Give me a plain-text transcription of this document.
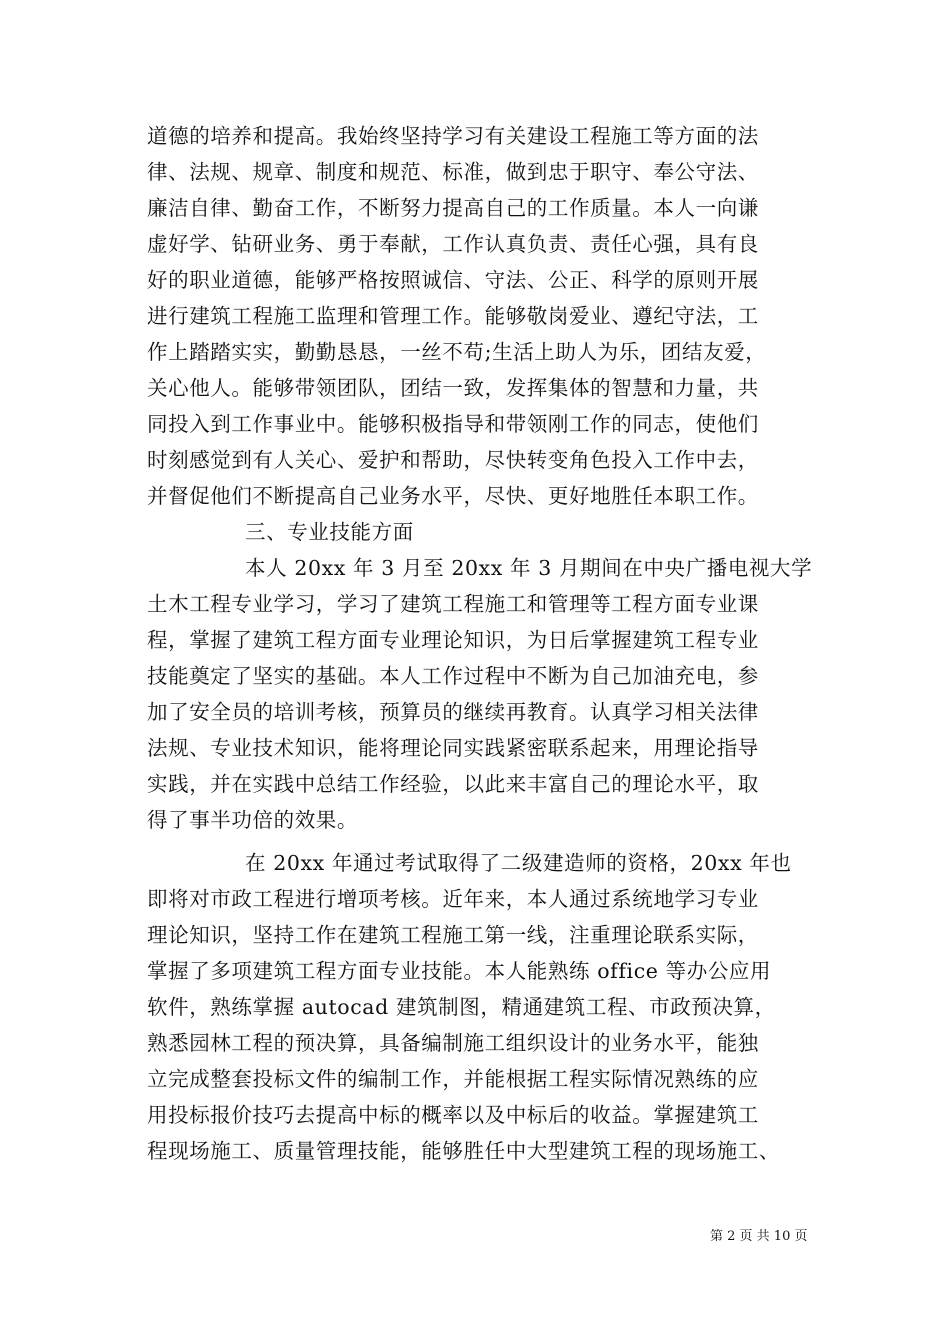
道德的培养和提高。我始终坚持学习有关建设工程施工等方面的法
律、法规、规章、制度和规范、标准，做到忠于职守、奉公守法、
廉洁自律、勤奋工作，不断努力提高自己的工作质量。本人一向谦
虚好学、钻研业务、勇于奉献，工作认真负责、责任心强，具有良
好的职业道德，能够严格按照诚信、守法、公正、科学的原则开展
进行建筑工程施工监理和管理工作。能够敬岗爱业、遵纪守法，工
作上踏踏实实，勤勤恳恳，一丝不苟;生活上助人为乐，团结友爱，
关心他人。能够带领团队，团结一致，发挥集体的智慧和力量，共
同投入到工作事业中。能够积极指导和带领刚工作的同志，使他们
时刻感觉到有人关心、爱护和帮助，尽快转变角色投入工作中去，
并督促他们不断提高自己业务水平，尽快、更好地胜任本职工作。
三、专业技能方面
本人 20xx 年 3 月至 20xx 年 3 月期间在中央广播电视大学
土木工程专业学习，学习了建筑工程施工和管理等工程方面专业课
程，掌握了建筑工程方面专业理论知识，为日后掌握建筑工程专业
技能奠定了坚实的基础。本人工作过程中不断为自己加油充电，参
加了安全员的培训考核，预算员的继续再教育。认真学习相关法律
法规、专业技术知识，能将理论同实践紧密联系起来，用理论指导
实践，并在实践中总结工作经验，以此来丰富自己的理论水平，取
得了事半功倍的效果。
在 20xx 年通过考试取得了二级建造师的资格，20xx 年也
即将对市政工程进行增项考核。近年来，本人通过系统地学习专业
理论知识，坚持工作在建筑工程施工第一线，注重理论联系实际，
掌握了多项建筑工程方面专业技能。本人能熟练 office 等办公应用
软件，熟练掌握 autocad 建筑制图，精通建筑工程、市政预决算，
熟悉园林工程的预决算，具备编制施工组织设计的业务水平，能独
立完成整套投标文件的编制工作，并能根据工程实际情况熟练的应
用投标报价技巧去提高中标的概率以及中标后的收益。掌握建筑工
程现场施工、质量管理技能，能够胜任中大型建筑工程的现场施工、
第 2 页 共 10 页
